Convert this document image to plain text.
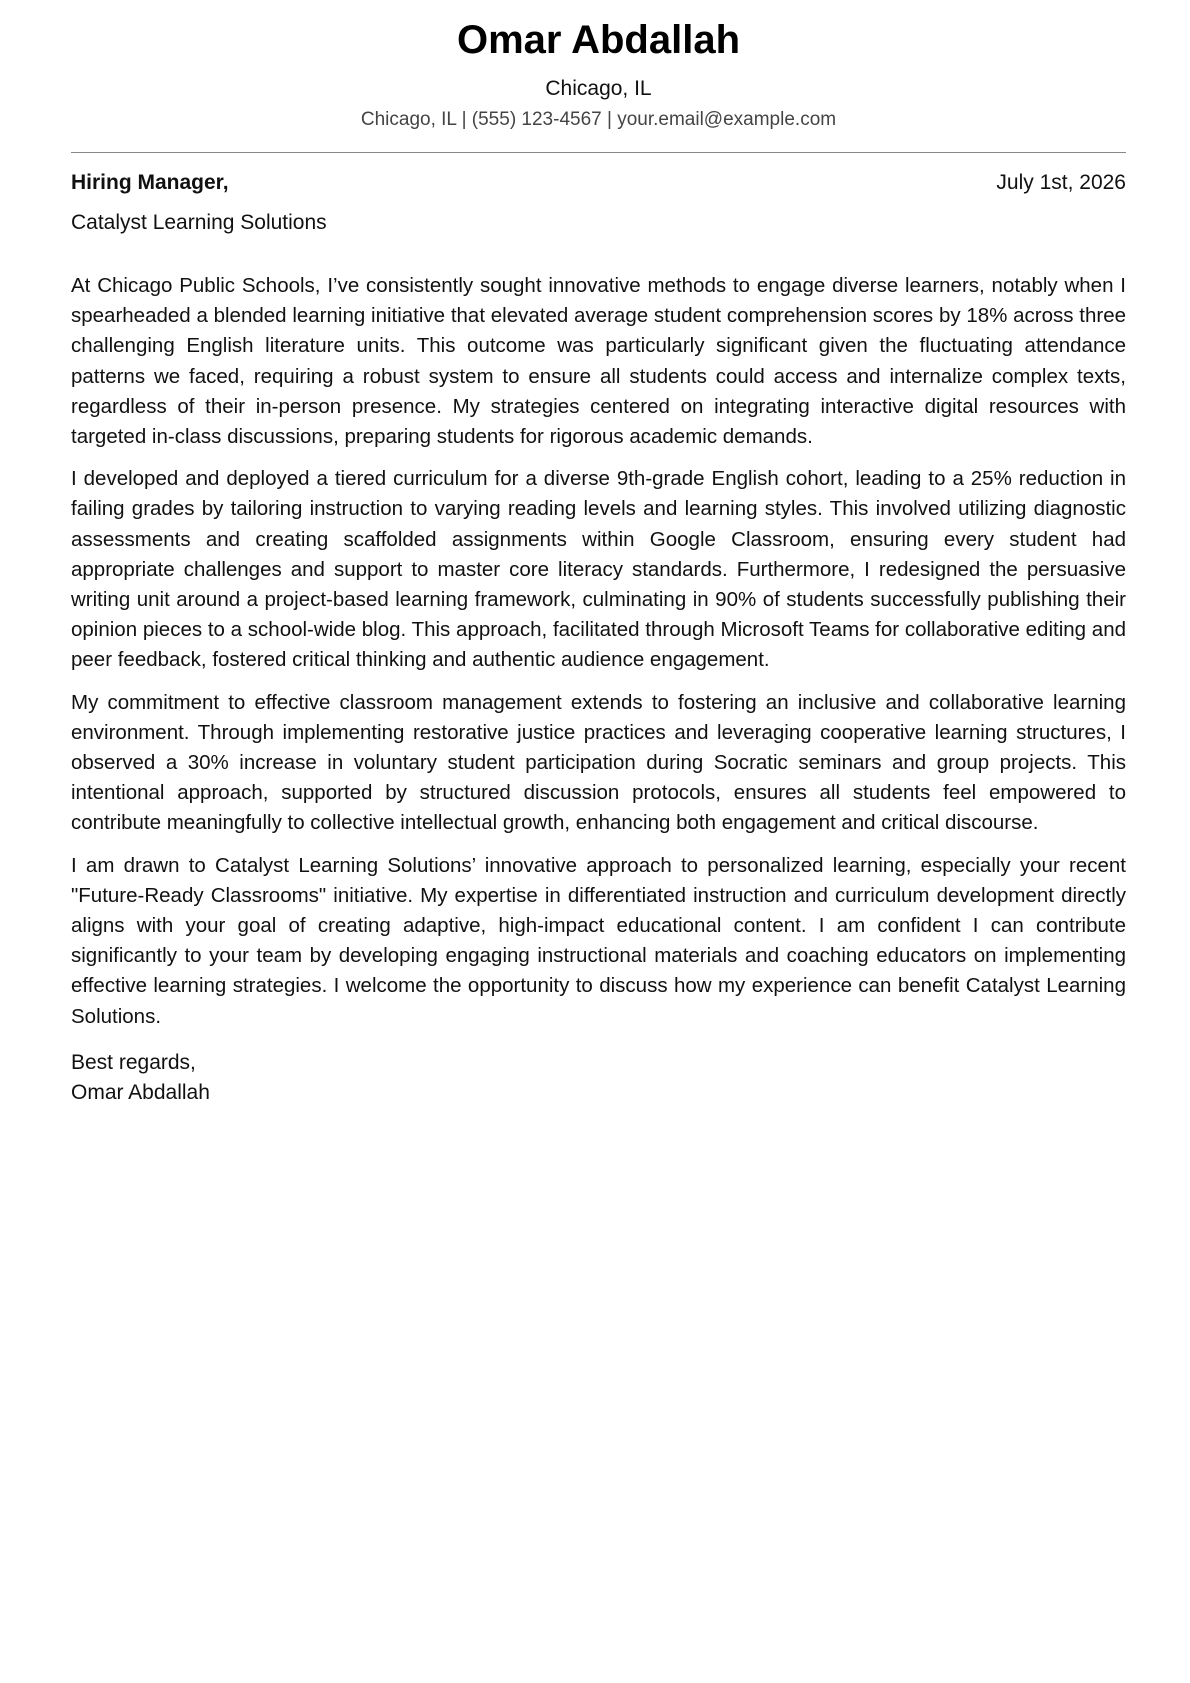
Omar Abdallah
Chicago, IL
Chicago, IL | (555) 123-4567 | your.email@example.com
Hiring Manager,	July 1st, 2026
Catalyst Learning Solutions

At Chicago Public Schools, I’ve consistently sought innovative methods to engage diverse learners, notably when I spearheaded a blended learning initiative that elevated average student comprehension scores by 18% across three challenging English literature units. This outcome was particularly significant given the fluctuating attendance patterns we faced, requiring a robust system to ensure all students could access and internalize complex texts, regardless of their in-person presence. My strategies centered on integrating interactive digital resources with targeted in-class discussions, preparing students for rigorous academic demands.

I developed and deployed a tiered curriculum for a diverse 9th-grade English cohort, leading to a 25% reduction in failing grades by tailoring instruction to varying reading levels and learning styles. This involved utilizing diagnostic assessments and creating scaffolded assignments within Google Classroom, ensuring every student had appropriate challenges and support to master core literacy standards. Furthermore, I redesigned the persuasive writing unit around a project-based learning framework, culminating in 90% of students successfully publishing their opinion pieces to a school-wide blog. This approach, facilitated through Microsoft Teams for collaborative editing and peer feedback, fostered critical thinking and authentic audience engagement.

My commitment to effective classroom management extends to fostering an inclusive and collaborative learning environment. Through implementing restorative justice practices and leveraging cooperative learning structures, I observed a 30% increase in voluntary student participation during Socratic seminars and group projects. This intentional approach, supported by structured discussion protocols, ensures all students feel empowered to contribute meaningfully to collective intellectual growth, enhancing both engagement and critical discourse.

I am drawn to Catalyst Learning Solutions’ innovative approach to personalized learning, especially your recent "Future-Ready Classrooms" initiative. My expertise in differentiated instruction and curriculum development directly aligns with your goal of creating adaptive, high-impact educational content. I am confident I can contribute significantly to your team by developing engaging instructional materials and coaching educators on implementing effective learning strategies. I welcome the opportunity to discuss how my experience can benefit Catalyst Learning Solutions.

Best regards,
Omar Abdallah
